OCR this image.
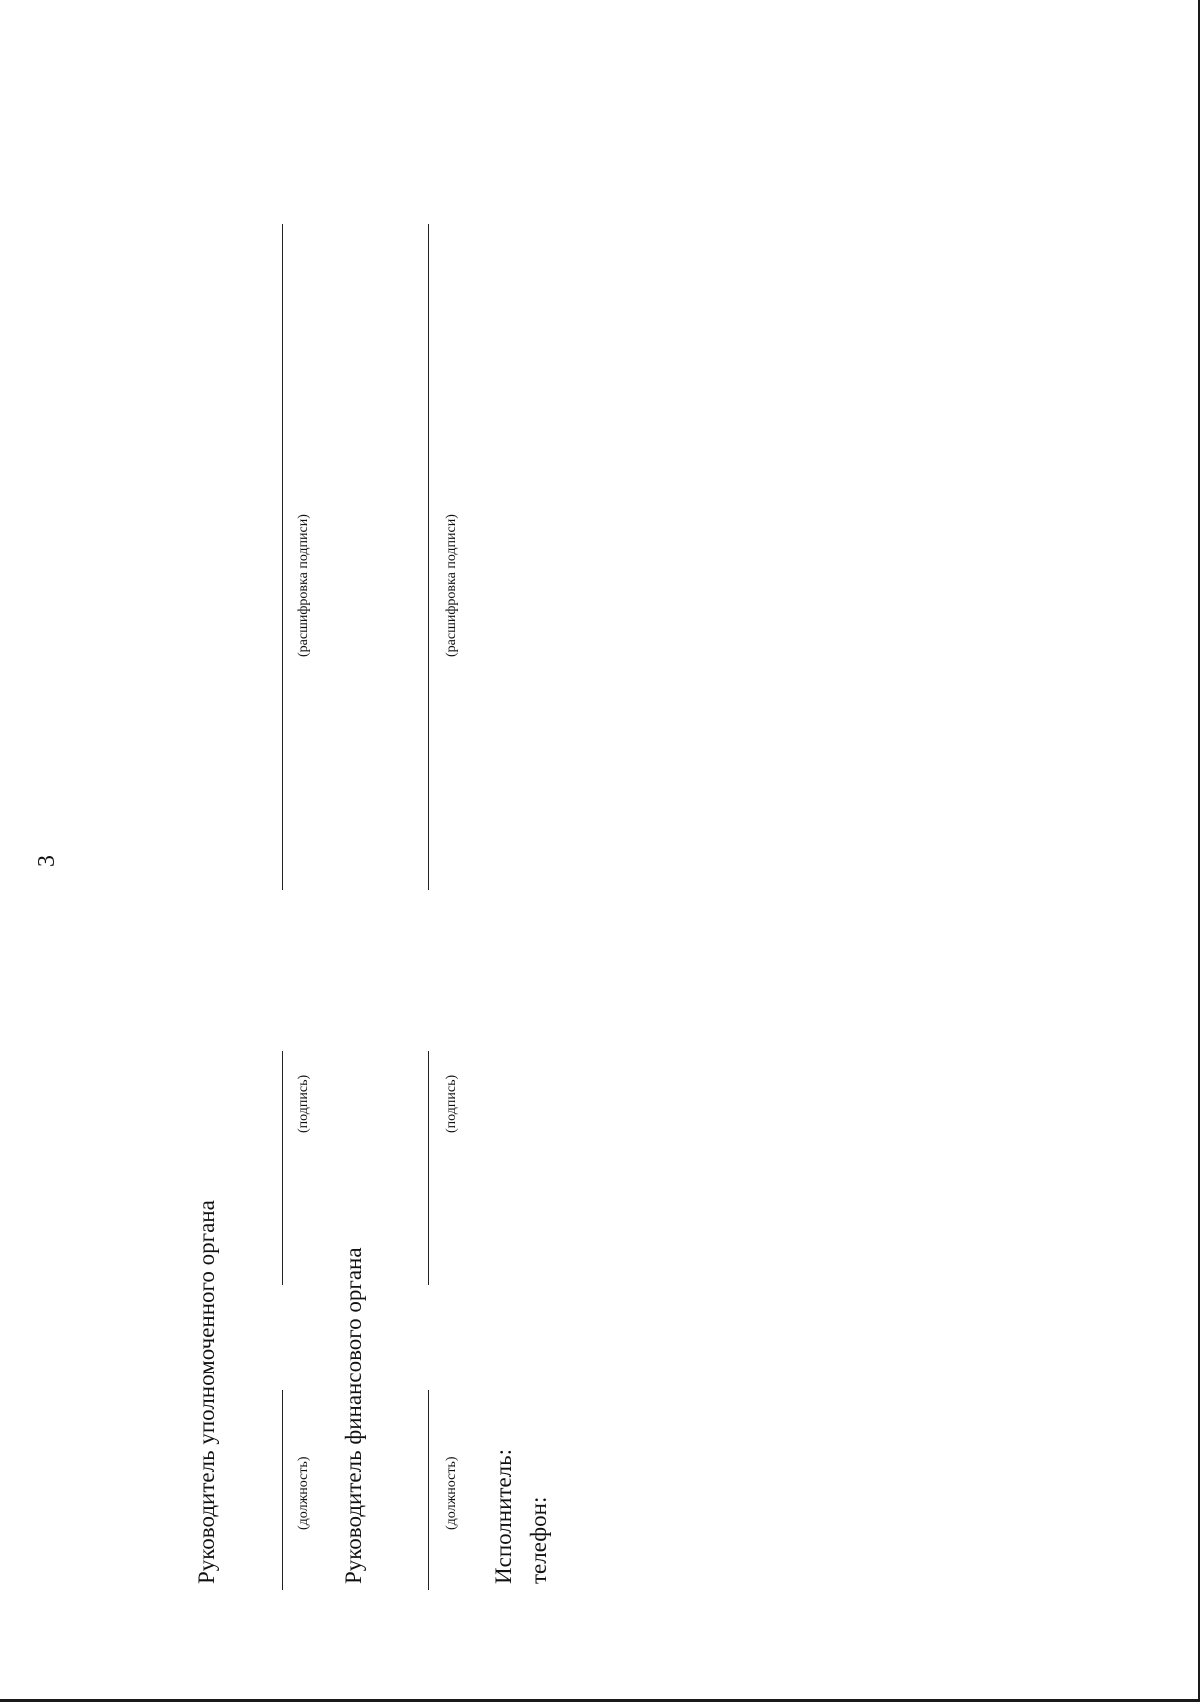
3
Руководитель уполномоченного органа	(должность)
(подпись)
(расшифровка подписи)
Руководитель финансового органа	(должность)
(подпись)
(расшифровка подписи)
Исполнитель: телефон:
